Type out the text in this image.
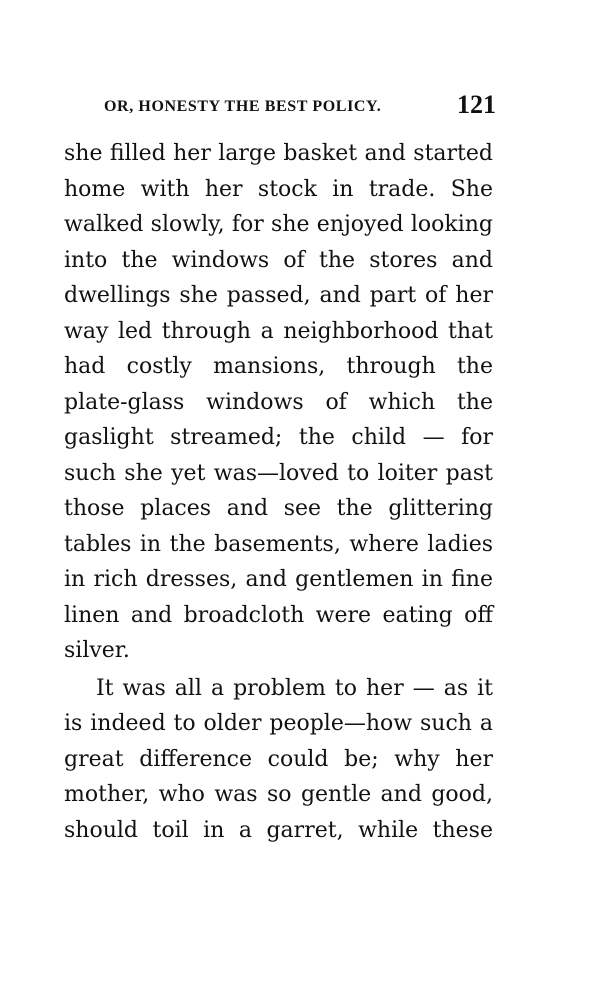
OR, HONESTY THE BEST POLICY.	121
she filled her large basket and started
home with her stock in trade. She
walked slowly, for she enjoyed looking
into the windows of the stores and
dwellings she passed, and part of her
way led through a neighborhood that
had costly mansions, through the
plate-glass windows of which the
gaslight streamed; the child — for
such she yet was—loved to loiter past
those places and see the glittering
tables in the basements, where ladies
in rich dresses, and gentlemen in fine
linen and broadcloth were eating off
silver.
It was all a problem to her — as it
is indeed to older people—how such a
great difference could be; why her
mother, who was so gentle and good,
should toil in a garret, while these
